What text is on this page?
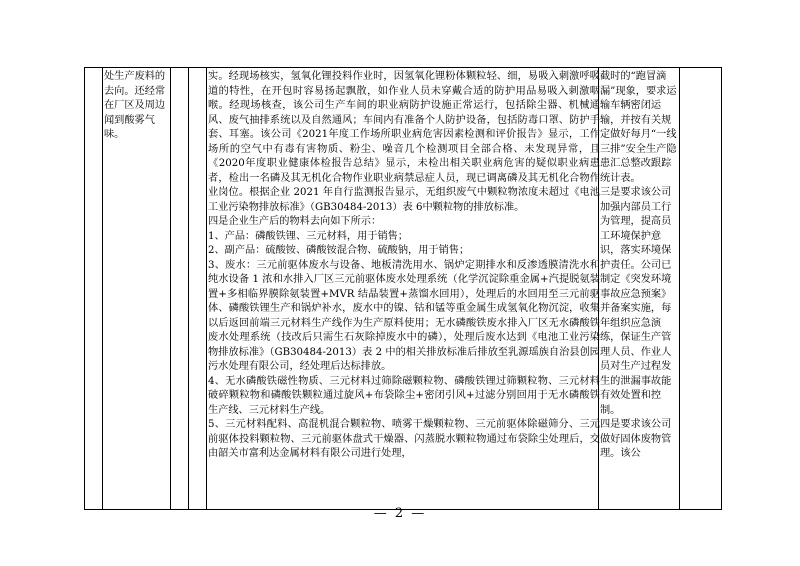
处生产废料的去向。还经常在厂区及周边闻到酸雾气味。

实。经现场核实，氢氧化锂投料作业时，因氢氧化锂粉体颗粒轻、细，易吸入刺激呼吸道的特性，在开包时容易扬起飘散，如作业人员未穿戴合适的防护用品易吸入刺激咽喉。经现场核查，该公司生产车间的职业病防护设施正常运行，包括除尘器、机械通风、废气抽排系统以及自然通风；车间内有准备个人防护设备，包括防毒口罩、防护手套、耳塞。该公司《2021年度工作场所职业病危害因素检测和评价报告》显示，工作场所的空气中有毒有害物质、粉尘、噪音几个检测项目全部合格、未发现异常，且《2020年度职业健康体检报告总结》显示，未检出相关职业病危害的疑似职业病患者，检出一名磷及其无机化合物作业职业病禁忌症人员，现已调离磷及其无机化合物作业岗位。根据企业 2021 年自行监测报告显示，无组织废气中颗粒物浓度未超过《电池工业污染物排放标准》（GB30484-2013）表 6中颗粒物的排放标准。

四是企业生产后的物料去向如下所示：

1、产品：磷酸铁锂、三元材料，用于销售；

2、副产品：硫酸铵、磷酸铵混合物、硫酸钠，用于销售；

3、废水：三元前驱体废水与设备、地板清洗用水、锅炉定期排水和反渗透膜清洗水和纯水设备 1 浓和水排入厂区三元前驱体废水处理系统（化学沉淀除重金属+汽提脱氨装置+多相临界膜除氨装置+MVR 结晶装置+蒸馏水回用），处理后的水回用至三元前驱体、磷酸铁锂生产和锅炉补水，废水中的镍、钴和锰等重金属生成氢氧化物沉淀，收集以后返回前端三元材料生产线作为生产原料使用；无水磷酸铁废水排入厂区无水磷酸铁废水处理系统（技改后只需生石灰除掉废水中的磷），处理后废水达到《电池工业污染物排放标准》（GB30484-2013）表 2 中的相关排放标准后排放至乳源瑶族自治县创园污水处理有限公司，经处理后达标排放。

4、无水磷酸铁磁性物质、三元材料过筛除磁颗粒物、磷酸铁锂过筛颗粒物、三元材料破碎颗粒物和磷酸铁颗粒通过旋风+布袋除尘+密闭引风+过滤分别回用于无水磷酸铁生产线、三元材料生产线。

5、三元材料配料、高混机混合颗粒物、喷雾干燥颗粒物、三元前驱体除磁筛分、三元前驱体投料颗粒物、三元前驱体盘式干燥器、闪蒸脱水颗粒物通过布袋除尘处理后，交由韶关市富利达金属材料有限公司进行处理，

截时的“跑冒滴漏”现象，要求运输车辆密闭运输，并按有关规定做好每月“一线三排”安全生产隐患汇总整改跟踪统计表。

三是要求该公司加强内部员工行为管理，提高员工环境保护意识，落实环境保护责任。公司已制定《突发环境事故应急预案》并备案实施，每年组织应急演练，保证生产管理人员、作业人员对生产过程发生的泄漏事故能有效处置和控制。

四是要求该公司做好固体废物管理。该公

— 2 —
